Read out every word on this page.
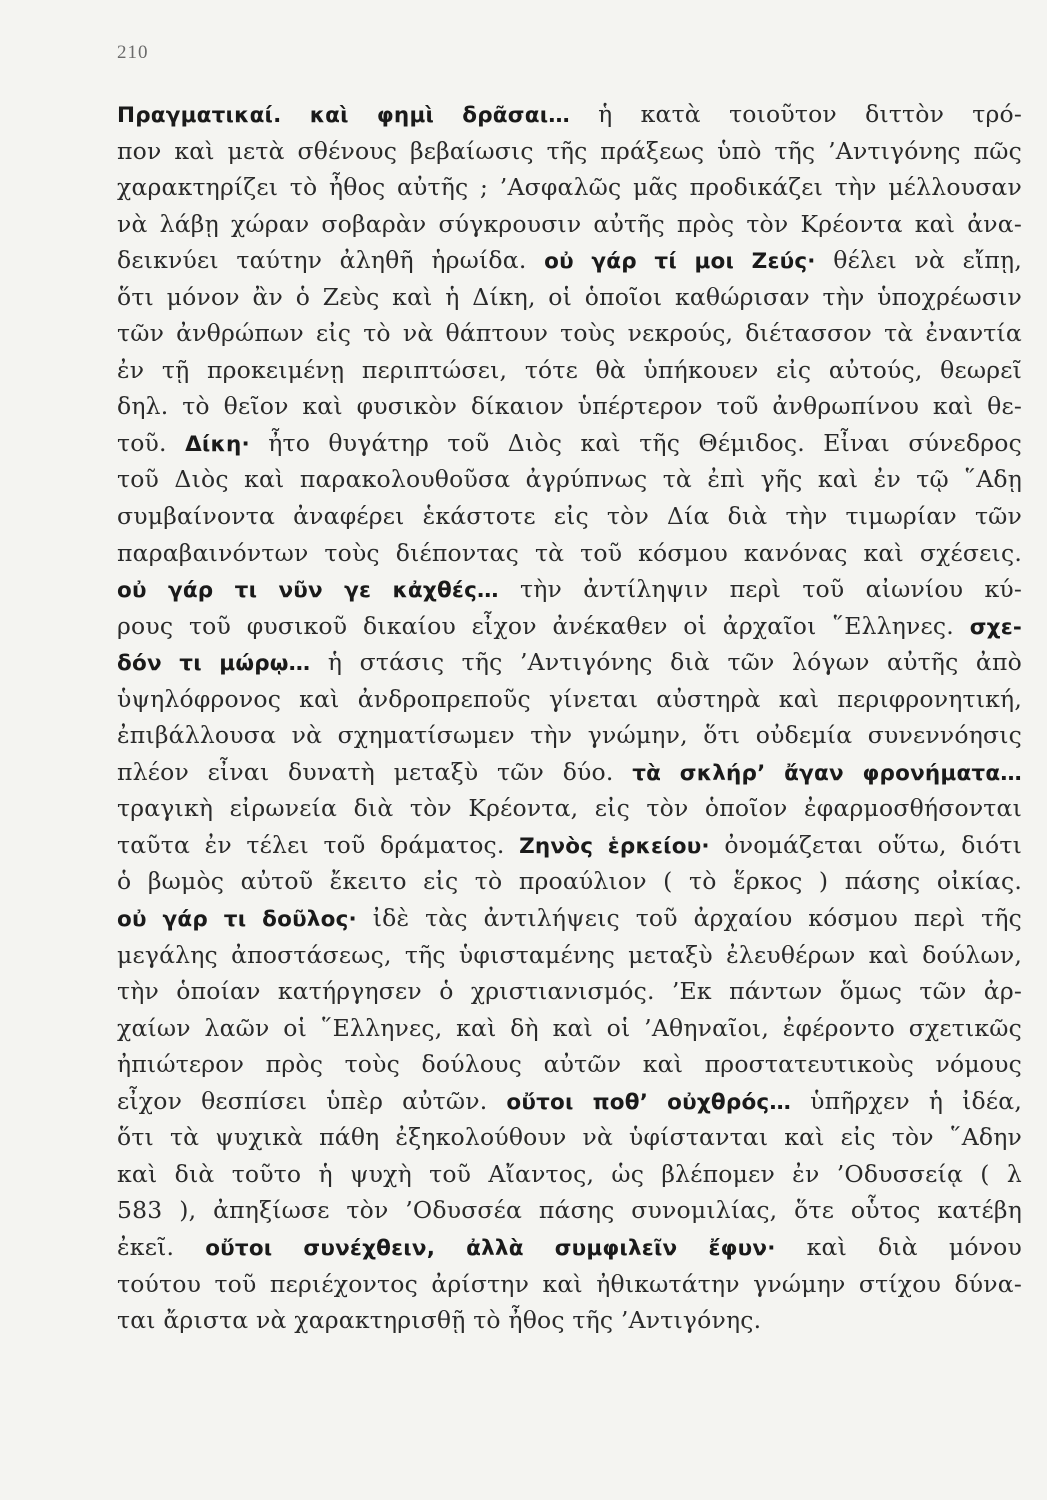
210
Πραγματικαί. καὶ φημὶ δρᾶσαι… ἡ κατὰ τοιοῦτον διττὸν τρό-
πον καὶ μετὰ σθένους βεβαίωσις τῆς πράξεως ὑπὸ τῆς ’Αντιγόνης πῶς
χαρακτηρίζει τὸ ἦθος αὐτῆς ; ’Ασφαλῶς μᾶς προδικάζει τὴν μέλλουσαν
νὰ λάβῃ χώραν σοβαρὰν σύγκρουσιν αὐτῆς πρὸς τὸν Κρέοντα καὶ ἀνα-
δεικνύει ταύτην ἀληθῆ ἡρωίδα. οὐ γάρ τί μοι Ζεύς· θέλει νὰ εἴπῃ,
ὅτι μόνον ἂν ὁ Ζεὺς καὶ ἡ Δίκη, οἱ ὁποῖοι καθώρισαν τὴν ὑποχρέωσιν
τῶν ἀνθρώπων εἰς τὸ νὰ θάπτουν τοὺς νεκρούς, διέτασσον τὰ ἐναντία
ἐν τῇ προκειμένῃ περιπτώσει, τότε θὰ ὑπήκουεν εἰς αὐτούς, θεωρεῖ
δηλ. τὸ θεῖον καὶ φυσικὸν δίκαιον ὑπέρτερον τοῦ ἀνθρωπίνου καὶ θε-
τοῦ. Δίκη· ἦτο θυγάτηρ τοῦ Διὸς καὶ τῆς Θέμιδος. Εἶναι σύνεδρος
τοῦ Διὸς καὶ παρακολουθοῦσα ἀγρύπνως τὰ ἐπὶ γῆς καὶ ἐν τῷ ῞Αδῃ
συμβαίνοντα ἀναφέρει ἑκάστοτε εἰς τὸν Δία διὰ τὴν τιμωρίαν τῶν
παραβαινόντων τοὺς διέποντας τὰ τοῦ κόσμου κανόνας καὶ σχέσεις.
οὐ γάρ τι νῦν γε κἀχθές… τὴν ἀντίληψιν περὶ τοῦ αἰωνίου κύ-
ρους τοῦ φυσικοῦ δικαίου εἶχον ἀνέκαθεν οἱ ἀρχαῖοι ῞Ελληνες. σχε-
δόν τι μώρῳ… ἡ στάσις τῆς ’Αντιγόνης διὰ τῶν λόγων αὐτῆς ἀπὸ
ὑψηλόφρονος καὶ ἀνδροπρεποῦς γίνεται αὐστηρὰ καὶ περιφρονητική,
ἐπιβάλλουσα νὰ σχηματίσωμεν τὴν γνώμην, ὅτι οὐδεμία συνεννόησις
πλέον εἶναι δυνατὴ μεταξὺ τῶν δύο. τὰ σκλήρ’ ἄγαν φρονήματα…
τραγικὴ εἰρωνεία διὰ τὸν Κρέοντα, εἰς τὸν ὁποῖον ἐφαρμοσθήσονται
ταῦτα ἐν τέλει τοῦ δράματος. Ζηνὸς ἑρκείου· ὀνομάζεται οὕτω, διότι
ὁ βωμὸς αὐτοῦ ἔκειτο εἰς τὸ προαύλιον ( τὸ ἕρκος ) πάσης οἰκίας.
οὐ γάρ τι δοῦλος· ἰδὲ τὰς ἀντιλήψεις τοῦ ἀρχαίου κόσμου περὶ τῆς
μεγάλης ἀποστάσεως, τῆς ὑφισταμένης μεταξὺ ἐλευθέρων καὶ δούλων,
τὴν ὁποίαν κατήργησεν ὁ χριστιανισμός. ’Εκ πάντων ὅμως τῶν ἀρ-
χαίων λαῶν οἱ ῞Ελληνες, καὶ δὴ καὶ οἱ ’Αθηναῖοι, ἐφέροντο σχετικῶς
ἠπιώτερον πρὸς τοὺς δούλους αὐτῶν καὶ προστατευτικοὺς νόμους
εἶχον θεσπίσει ὑπὲρ αὐτῶν. οὔτοι ποθ’ οὐχθρός… ὑπῆρχεν ἡ ἰδέα,
ὅτι τὰ ψυχικὰ πάθη ἐξηκολούθουν νὰ ὑφίστανται καὶ εἰς τὸν ῞Αδην
καὶ διὰ τοῦτο ἡ ψυχὴ τοῦ Αἴαντος, ὡς βλέπομεν ἐν ’Οδυσσείᾳ ( λ
583 ), ἀπηξίωσε τὸν ’Οδυσσέα πάσης συνομιλίας, ὅτε οὗτος κατέβη
ἐκεῖ. οὔτοι συνέχθειν, ἀλλὰ συμφιλεῖν ἔφυν· καὶ διὰ μόνου
τούτου τοῦ περιέχοντος ἀρίστην καὶ ἠθικωτάτην γνώμην στίχου δύνα-
ται ἄριστα νὰ χαρακτηρισθῇ τὸ ἦθος τῆς ’Αντιγόνης.
